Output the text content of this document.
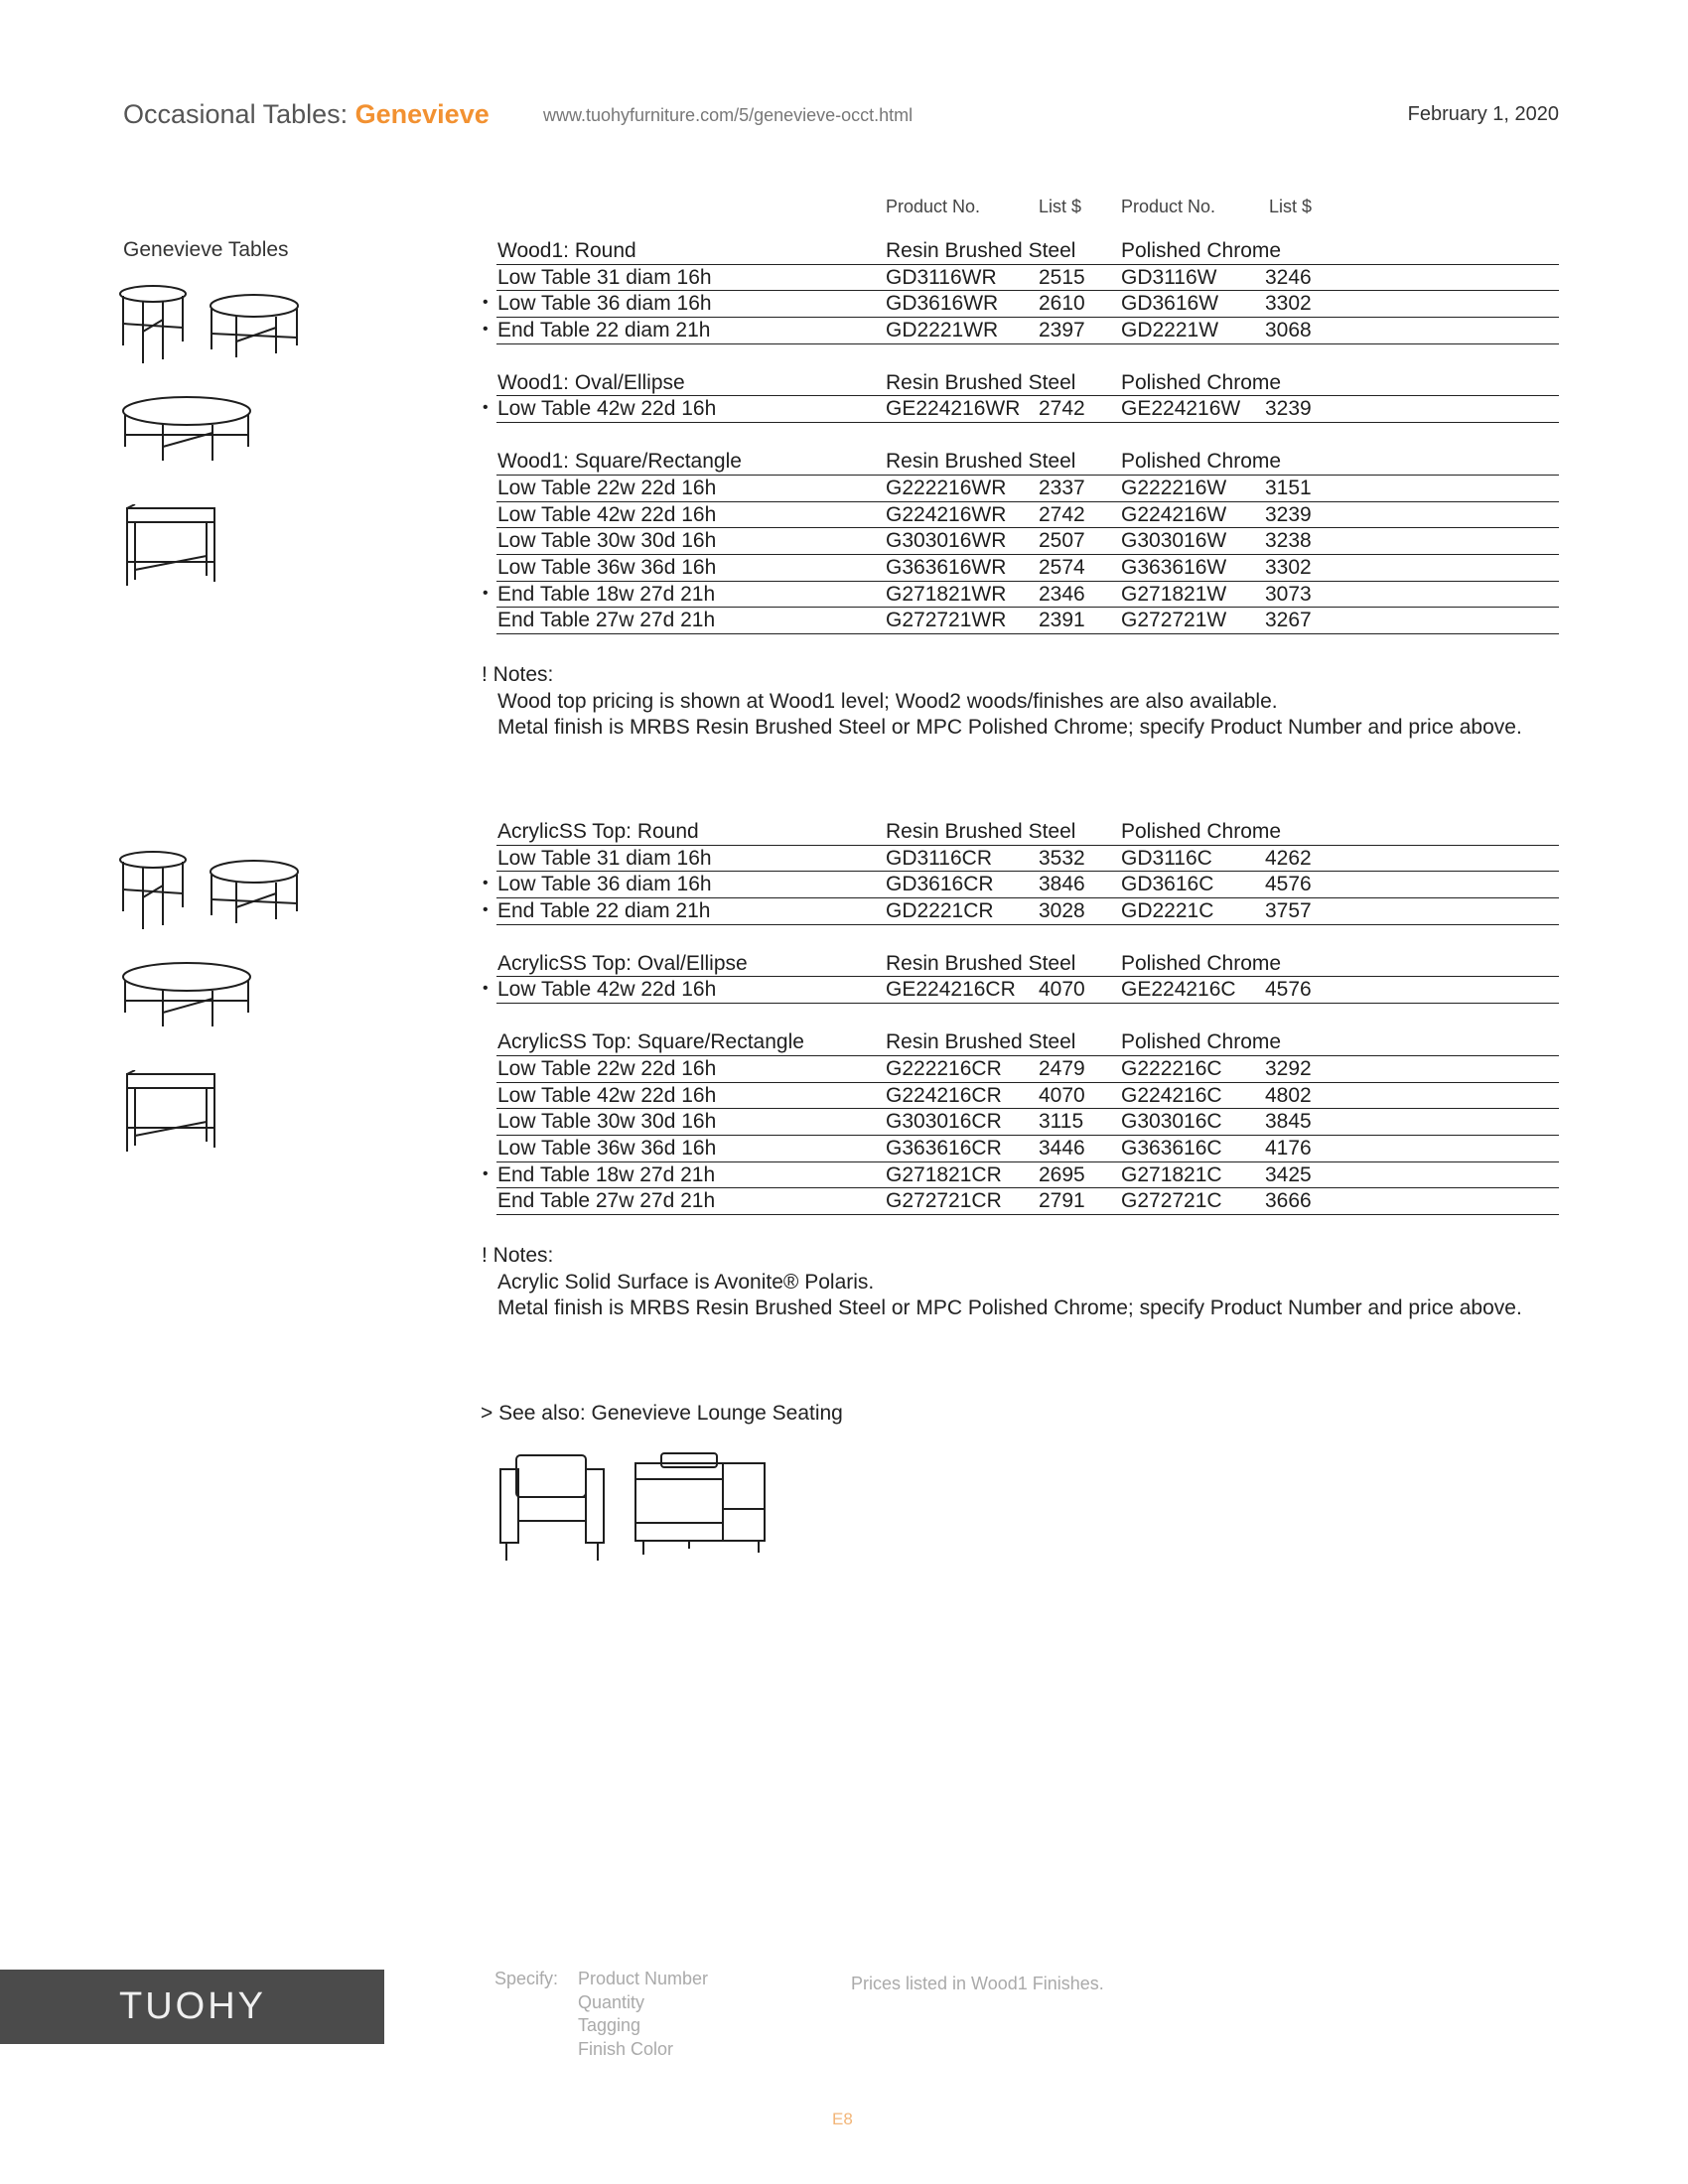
Occasional Tables: Genevieve	www.tuohyfurniture.com/5/genevieve-occt.html	February 1, 2020
Product No.	List $ Product No.	List $
Genevieve Tables	Wood1: Round	Resin Brushed Steel Polished Chrome
Low Table 31 diam 16h	GD3116WR 2515 GD3116W 3246
• Low Table 36 diam 16h	GD3616WR 2610 GD3616W 3302
• End Table 22 diam 21h	GD2221WR 2397 GD2221W 3068
Wood1: Oval/Ellipse	Resin Brushed Steel Polished Chrome
• Low Table 42w 22d 16h	GE224216WR 2742 GE224216W 3239
Wood1: Square/Rectangle	Resin Brushed Steel Polished Chrome
Low Table 22w 22d 16h	G222216WR 2337 G222216W 3151
Low Table 42w 22d 16h	G224216WR 2742 G224216W 3239
Low Table 30w 30d 16h	G303016WR 2507 G303016W 3238
Low Table 36w 36d 16h	G363616WR 2574 G363616W 3302
• End Table 18w 27d 21h	G271821WR 2346 G271821W 3073
End Table 27w 27d 21h	G272721WR 2391 G272721W 3267
! Notes:
Wood top pricing is shown at Wood1 level; Wood2 woods/finishes are also available.
Metal finish is MRBS Resin Brushed Steel or MPC Polished Chrome; specify Product Number and price above.
AcrylicSS Top: Round	Resin Brushed Steel Polished Chrome
Low Table 31 diam 16h	GD3116CR 3532 GD3116C	4262
• Low Table 36 diam 16h	GD3616CR 3846 GD3616C 4576
• End Table 22 diam 21h	GD2221CR 3028 GD2221C 3757
AcrylicSS Top: Oval/Ellipse	Resin Brushed Steel Polished Chrome
• Low Table 42w 22d 16h	GE224216CR 4070 GE224216C 4576
AcrylicSS Top: Square/Rectangle	Resin Brushed Steel Polished Chrome
Low Table 22w 22d 16h	G222216CR 2479 G222216C 3292
Low Table 42w 22d 16h	G224216CR 4070 G224216C 4802
Low Table 30w 30d 16h	G303016CR 3115 G303016C 3845
Low Table 36w 36d 16h	G363616CR 3446 G363616C 4176
• End Table 18w 27d 21h	G271821CR 2695 G271821C 3425
End Table 27w 27d 21h	G272721CR 2791 G272721C 3666
! Notes:
Acrylic Solid Surface is Avonite® Polaris.
Metal finish is MRBS Resin Brushed Steel or MPC Polished Chrome; specify Product Number and price above.
> See also: Genevieve Lounge Seating
TUOHY
Specify: Product Number
Quantity
Tagging
Finish Color
Prices listed in Wood1 Finishes.
E8
